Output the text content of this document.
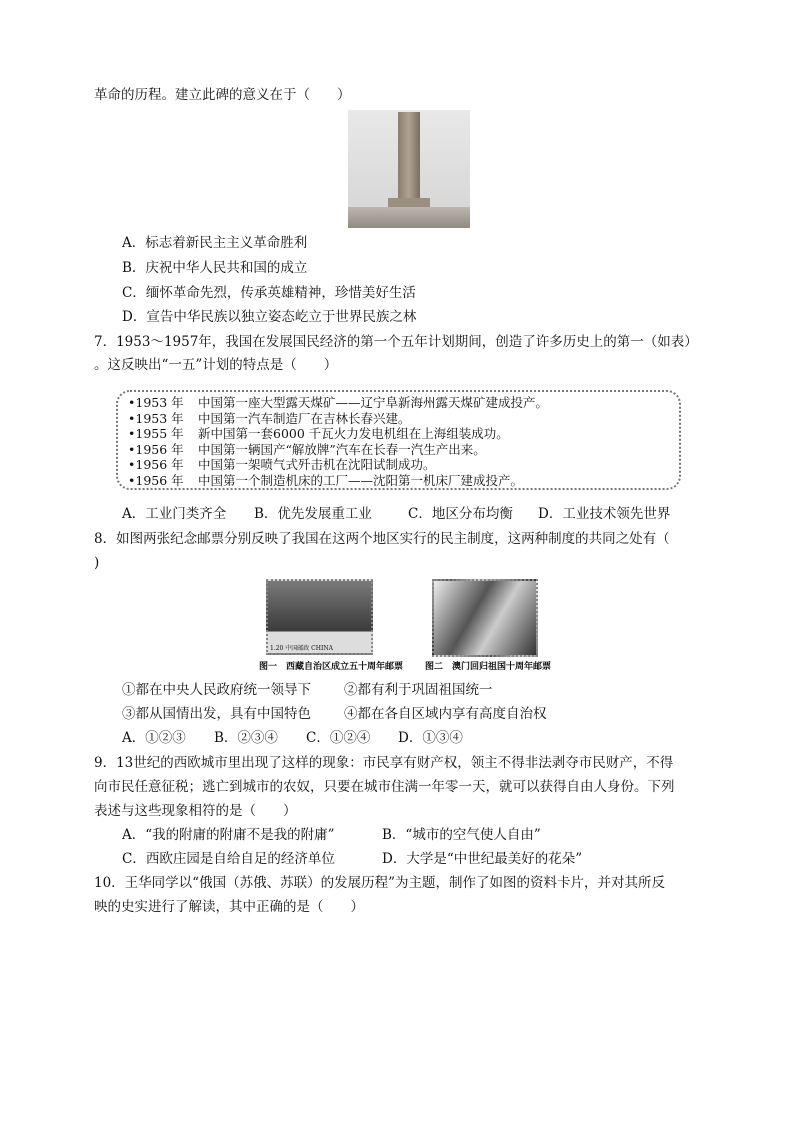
革命的历程。建立此碑的意义在于（　　）
A．标志着新民主主义革命胜利
B．庆祝中华人民共和国的成立
C．缅怀革命先烈，传承英雄精神，珍惜美好生活
D．宣告中华民族以独立姿态屹立于世界民族之林
7．1953～1957年，我国在发展国民经济的第一个五年计划期间，创造了许多历史上的第一（如表）
。这反映出“一五”计划的特点是（　　）
•1953 年 中国第一座大型露天煤矿——辽宁阜新海州露天煤矿建成投产。
•1953 年 中国第一汽车制造厂在吉林长春兴建。
•1955 年 新中国第一套6000 千瓦火力发电机组在上海组装成功。
•1956 年 中国第一辆国产“解放牌”汽车在长春一汽生产出来。
•1956 年 中国第一架喷气式歼击机在沈阳试制成功。
•1956 年 中国第一个制造机床的工厂——沈阳第一机床厂建成投产。
A．工业门类齐全 B．优先发展重工业	C．地区分布均衡 D．工业技术领先世界
8．如图两张纪念邮票分别反映了我国在这两个地区实行的民主制度，这两种制度的共同之处有（
)
1.20 中国邮政 CHINA
图一　西藏自治区成立五十周年邮票 图二　澳门回归祖国十周年邮票
①都在中央人民政府统一领导下 ②都有利于巩固祖国统一
③都从国情出发，具有中国特色 ④都在各自区域内享有高度自治权
A．①②③ B．②③④ C．①②④ D．①③④
9．13世纪的西欧城市里出现了这样的现象：市民享有财产权，领主不得非法剥夺市民财产，不得
向市民任意征税；逃亡到城市的农奴，只要在城市住满一年零一天，就可以获得自由人身份。下列
表述与这些现象相符的是（　　）
A．“我的附庸的附庸不是我的附庸”	B．“城市的空气使人自由”
C．西欧庄园是自给自足的经济单位	D．大学是“中世纪最美好的花朵”
10．王华同学以“俄国（苏俄、苏联）的发展历程”为主题，制作了如图的资料卡片，并对其所反
映的史实进行了解读，其中正确的是（　　）
